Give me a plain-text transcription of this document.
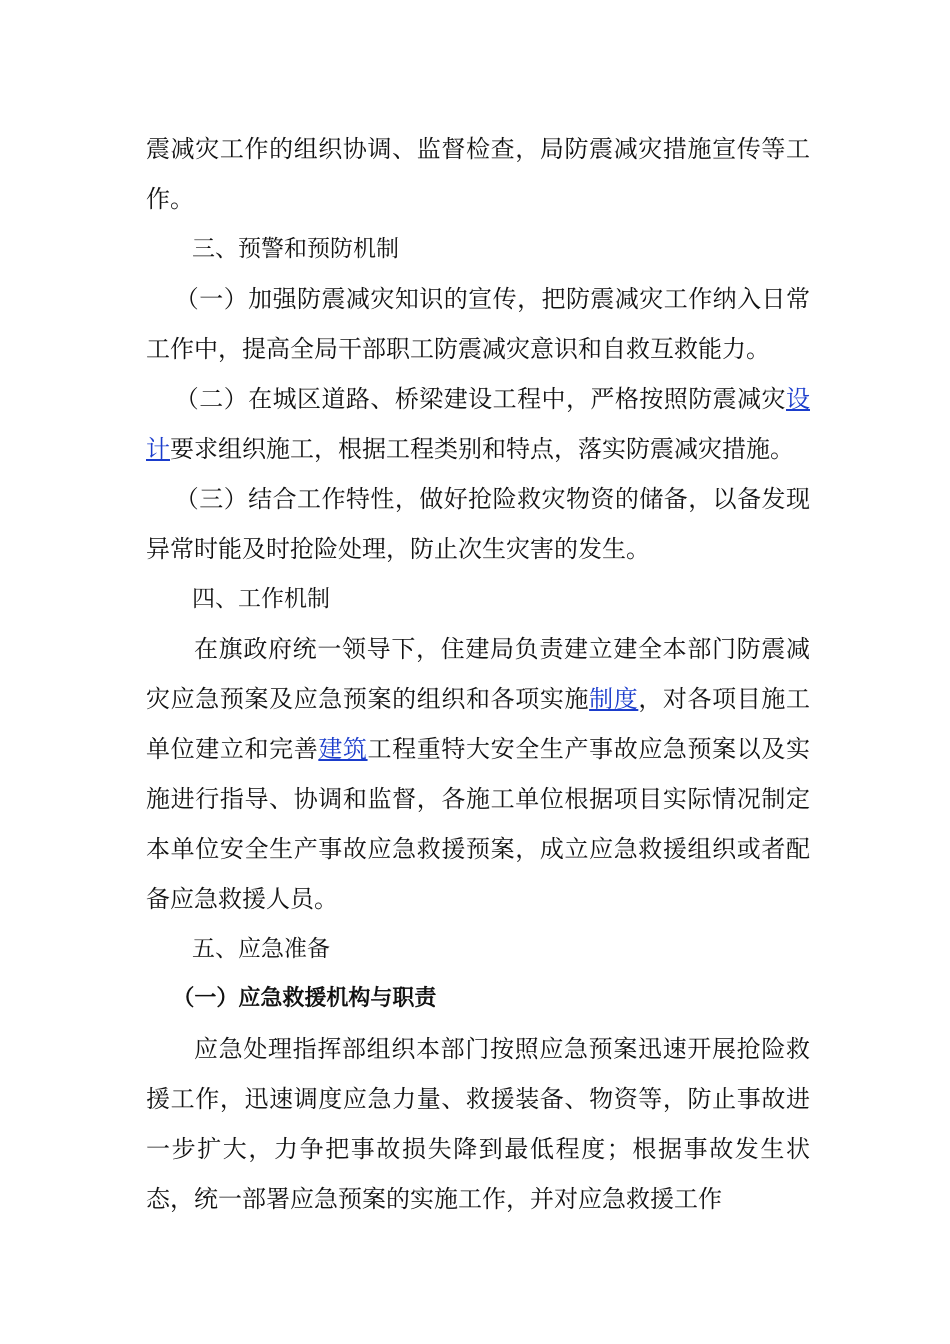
震减灾工作的组织协调、监督检查，局防震减灾措施宣传等工作。

三、预警和预防机制

（一）加强防震减灾知识的宣传，把防震减灾工作纳入日常工作中，提高全局干部职工防震减灾意识和自救互救能力。

（二）在城区道路、桥梁建设工程中，严格按照防震减灾设计要求组织施工，根据工程类别和特点，落实防震减灾措施。

（三）结合工作特性，做好抢险救灾物资的储备，以备发现异常时能及时抢险处理，防止次生灾害的发生。

四、工作机制

在旗政府统一领导下，住建局负责建立建全本部门防震减灾应急预案及应急预案的组织和各项实施制度，对各项目施工单位建立和完善建筑工程重特大安全生产事故应急预案以及实施进行指导、协调和监督，各施工单位根据项目实际情况制定本单位安全生产事故应急救援预案，成立应急救援组织或者配备应急救援人员。

五、应急准备
（一）应急救援机构与职责

应急处理指挥部组织本部门按照应急预案迅速开展抢险救援工作，迅速调度应急力量、救援装备、物资等，防止事故进一步扩大，力争把事故损失降到最低程度；根据事故发生状态，统一部署应急预案的实施工作，并对应急救援工作
